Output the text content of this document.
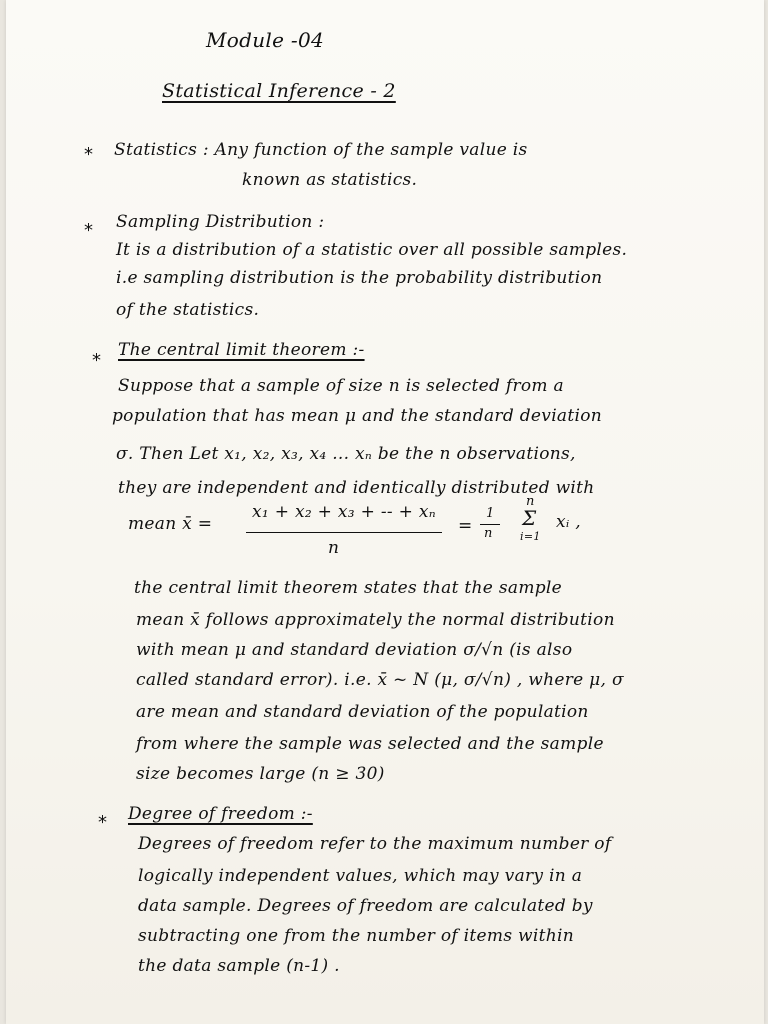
Module -04
Statistical Inference - 2
* Statistics : Any function of the sample value is
known as statistics.
* Sampling Distribution :
It is a distribution of a statistic over all possible samples.
i.e sampling distribution is the probability distribution
of the statistics.
* The central limit theorem :-
Suppose that a sample of size n is selected from a
population that has mean μ and the standard deviation
σ. Then Let x₁, x₂, x₃, x₄ ... xₙ be the n observations,
they are independent and identically distributed with
mean x̄ =
x₁ + x₂ + x₃ + -- + xₙ
n
=
1
n
n
Σ
i=1
xᵢ ,
the central limit theorem states that the sample
mean x̄ follows approximately the normal distribution
with mean μ and standard deviation σ/√n (is also
called standard error). i.e. x̄ ~ N (μ, σ/√n) , where μ, σ
are mean and standard deviation of the population
from where the sample was selected and the sample
size becomes large (n ≥ 30)
* Degree of freedom :-
Degrees of freedom refer to the maximum number of
logically independent values, which may vary in a
data sample. Degrees of freedom are calculated by
subtracting one from the number of items within
the data sample (n-1) .
